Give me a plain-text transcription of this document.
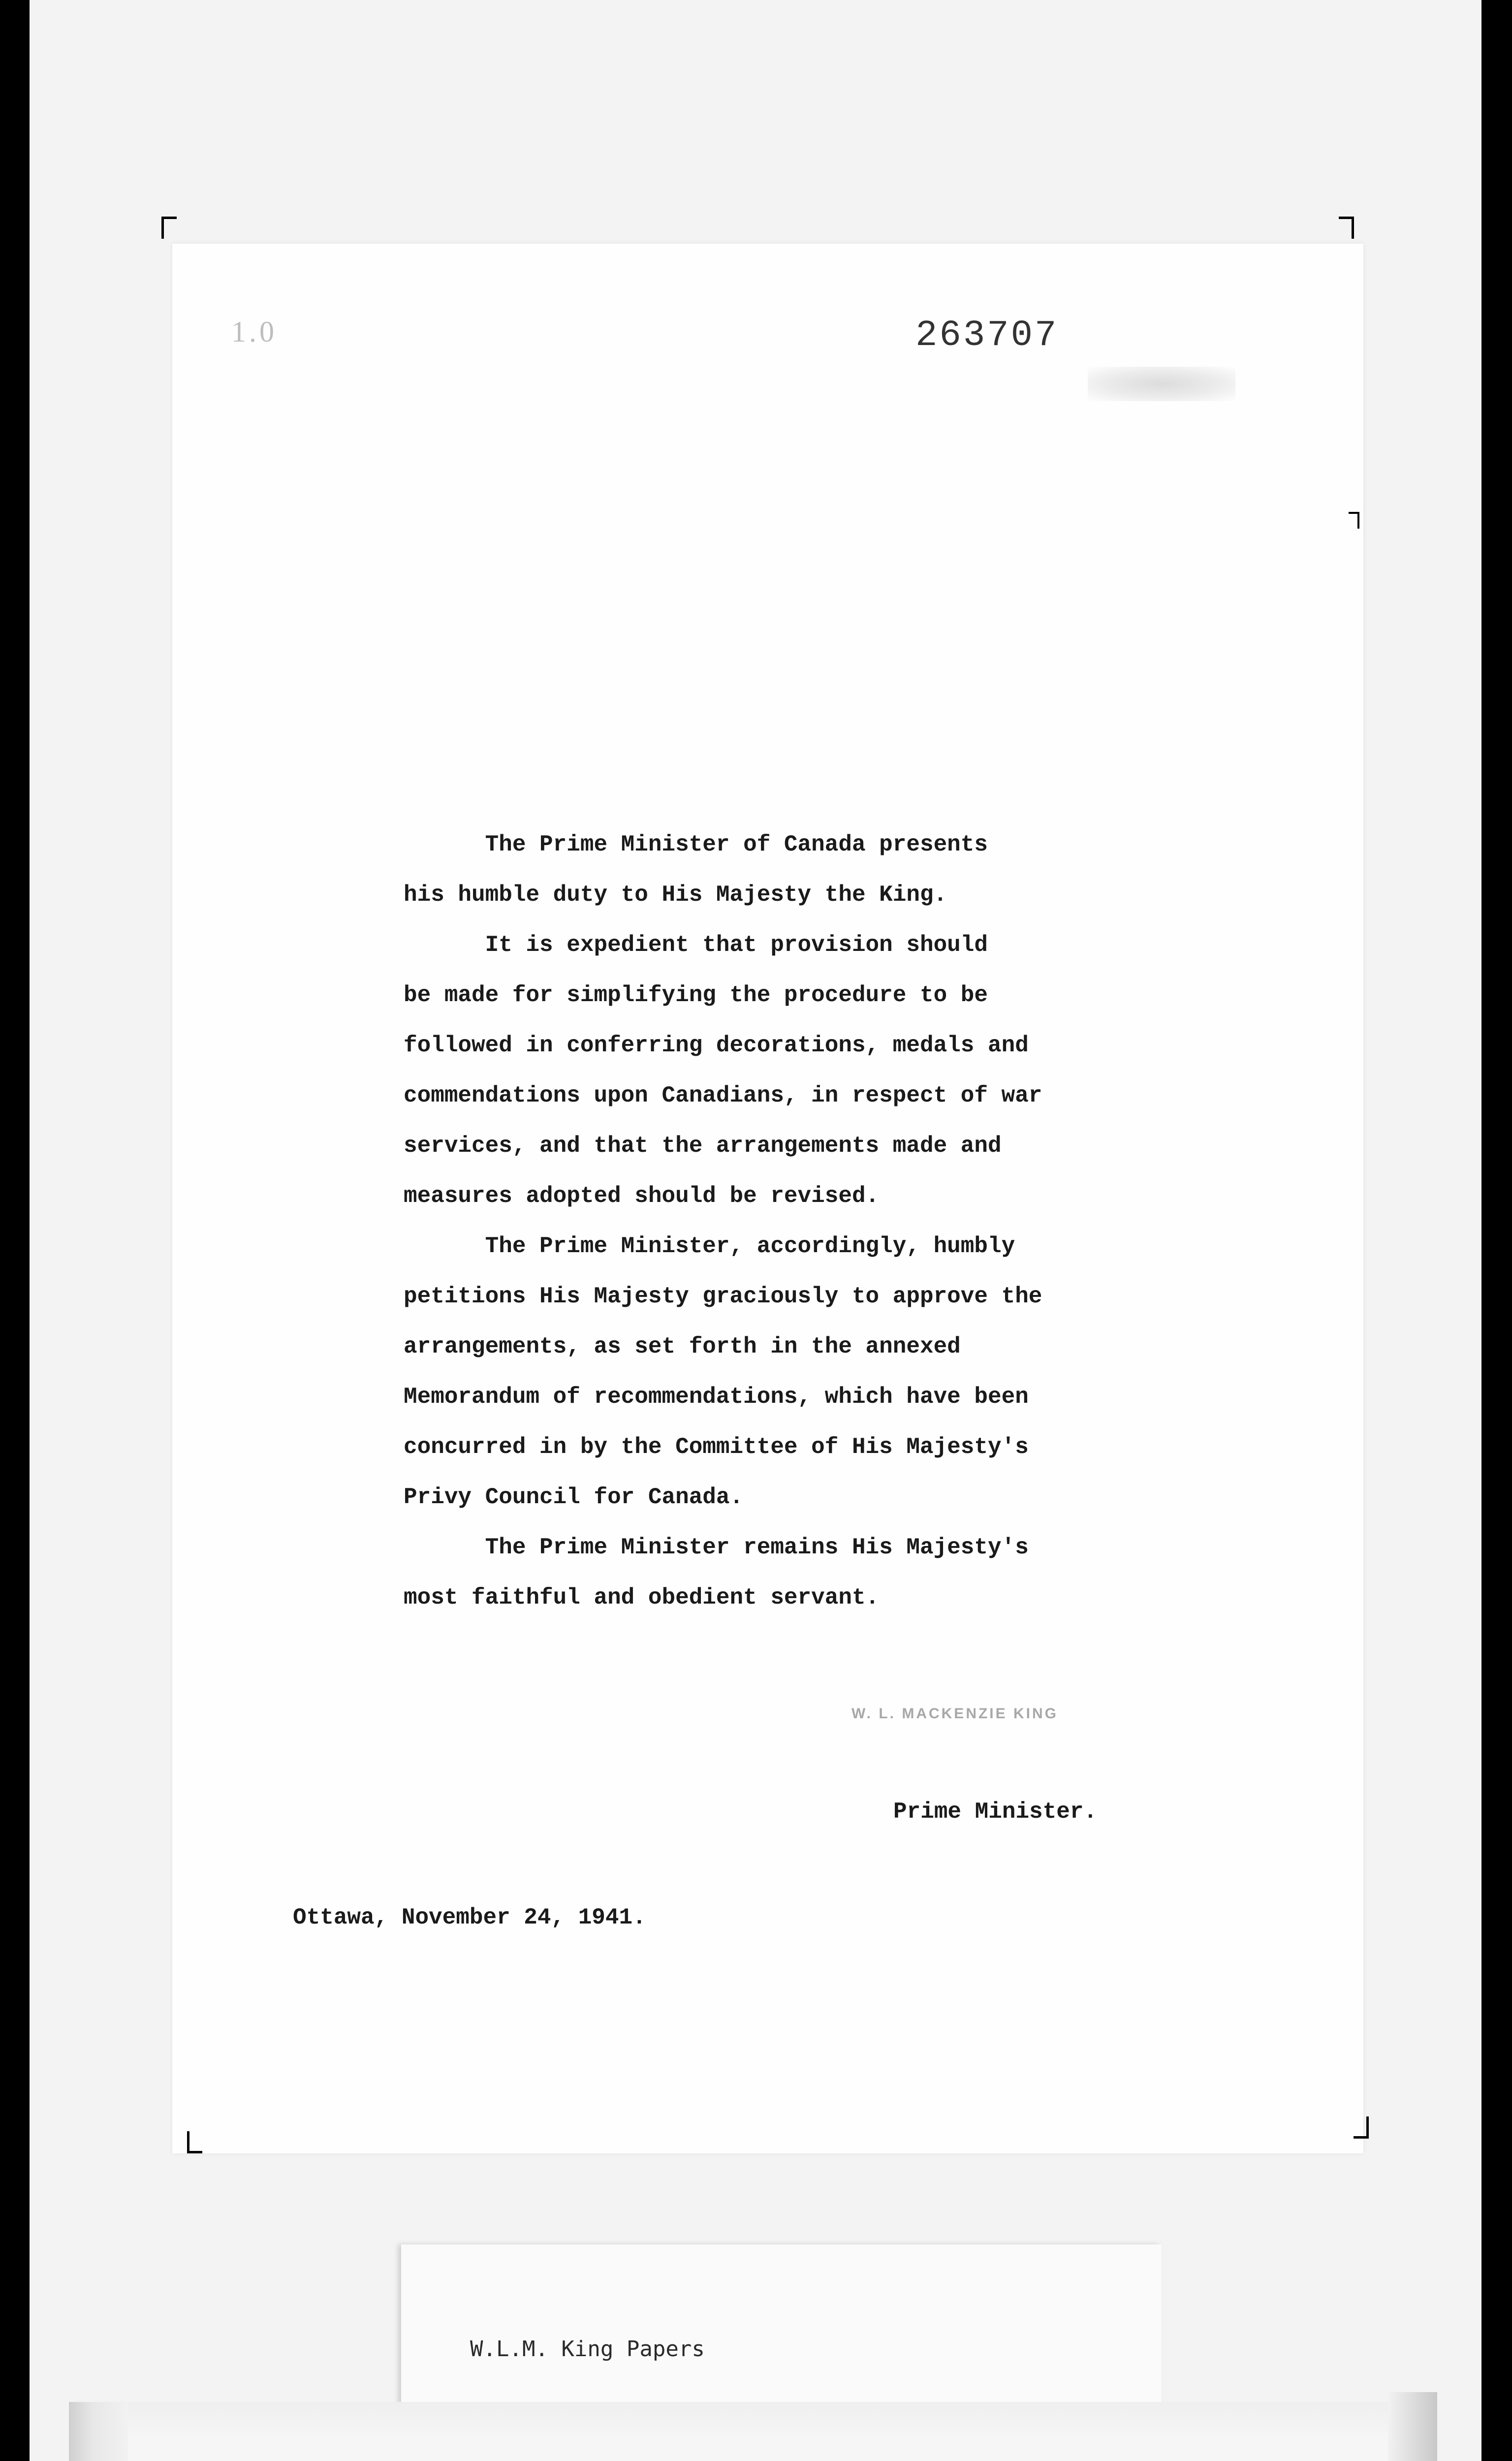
1.0	263707

The Prime Minister of Canada presents
his humble duty to His Majesty the King.

It is expedient that provision should
be made for simplifying the procedure to be
followed in conferring decorations, medals and
commendations upon Canadians, in respect of war
services, and that the arrangements made and
measures adopted should be revised.

The Prime Minister, accordingly, humbly
petitions His Majesty graciously to approve the
arrangements, as set forth in the annexed
Memorandum of recommendations, which have been
concurred in by the Committee of His Majesty's
Privy Council for Canada.

The Prime Minister remains His Majesty's
most faithful and obedient servant.

W. L. MACKENZIE KING
Prime Minister.
Ottawa, November 24, 1941.

W.L.M. King Papers
